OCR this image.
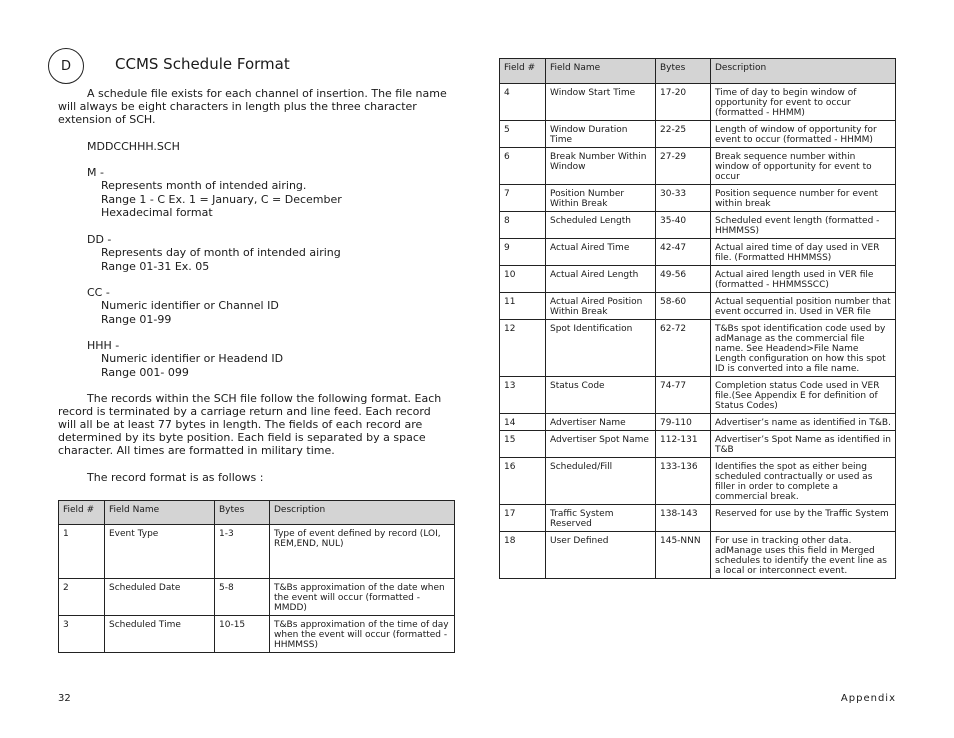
D	CCMS Schedule Format

A schedule file exists for each channel of insertion. The file name will always be eight characters in length plus the three character extension of SCH.

MDDCCHHH.SCH
M -
Represents month of intended airing.
Range 1 - C Ex. 1 = January, C = December
Hexadecimal format
DD -
Represents day of month of intended airing
Range 01-31 Ex. 05
CC -
Numeric identifier or Channel ID
Range 01-99
HHH -
Numeric identifier or Headend ID
Range 001- 099

The records within the SCH file follow the following format. Each record is terminated by a carriage return and line feed. Each record will all be at least 77 bytes in length. The fields of each record are determined by its byte position. Each field is separated by a space character. All times are formatted in military time.

The record format is as follows :
Field #	Field Name	Bytes	Description
1	Event Type	1-3	Type of event defined by record (LOI, REM,END, NUL)
2	Scheduled Date	5-8	T&Bs approximation of the date when the event will occur (formatted - MMDD)
3	Scheduled Time	10-15	T&Bs approximation of the time of day when the event will occur (formatted - HHMMSS)
Field #	Field Name	Bytes	Description
4	Window Start Time	17-20	Time of day to begin window of opportunity for event to occur (formatted - HHMM)
5	Window Duration Time	22-25	Length of window of opportunity for event to occur (formatted - HHMM)
6	Break Number Within Window	27-29	Break sequence number within window of opportunity for event to occur
7	Position Number Within Break	30-33	Position sequence number for event within break
8	Scheduled Length	35-40	Scheduled event length (formatted - HHMMSS)
9	Actual Aired Time	42-47	Actual aired time of day used in VER file. (Formatted HHMMSS)
10	Actual Aired Length	49-56	Actual aired length used in VER file (formatted - HHMMSSCC)
11	Actual Aired Position Within Break	58-60	Actual sequential position number that event occurred in. Used in VER file
12	Spot Identification	62-72	T&Bs spot identification code used by adManage as the commercial file name. See Headend>File Name Length configuration on how this spot ID is converted into a file name.
13	Status Code	74-77	Completion status Code used in VER file.(See Appendix E for definition of Status Codes)
14	Advertiser Name	79-110	Advertiser’s name as identified in T&B.
15	Advertiser Spot Name	112-131	Advertiser’s Spot Name as identified in T&B
16	Scheduled/Fill	133-136	Identifies the spot as either being scheduled contractually or used as filler in order to complete a commercial break.
17	Traffic System Reserved	138-143	Reserved for use by the Traffic System
18	User Defined	145-NNN	For use in tracking other data. adManage uses this field in Merged schedules to identify the event line as a local or interconnect event.
32	Appendix
